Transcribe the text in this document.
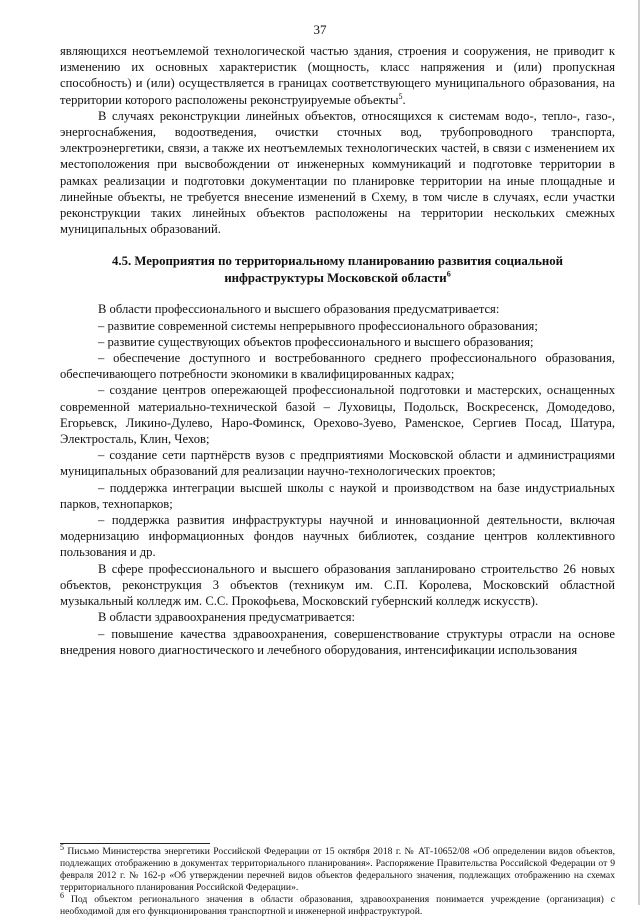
37

являющихся неотъемлемой технологической частью здания, строения и сооружения, не приводит к изменению их основных характеристик (мощность, класс напряжения и (или) пропускная способность) и (или) осуществляется в границах соответствующего муниципального образования, на территории которого расположены реконструируемые объекты$^5$.

В случаях реконструкции линейных объектов, относящихся к системам водо-, тепло-, газо-, энергоснабжения, водоотведения, очистки сточных вод, трубопроводного транспорта, электроэнергетики, связи, а также их неотъемлемых технологических частей, в связи с изменением их местоположения при высвобождении от инженерных коммуникаций и подготовке территории в рамках реализации и подготовки документации по планировке территории на иные площадные и линейные объекты, не требуется внесение изменений в Схему, в том числе в случаях, если участки реконструкции таких линейных объектов расположены на территории нескольких смежных муниципальных образований.

4.5. Мероприятия по территориальному планированию развития социальной инфраструктуры Московской области$^6$

В области профессионального и высшего образования предусматривается:

– развитие современной системы непрерывного профессионального образования;

– развитие существующих объектов профессионального и высшего образования;

– обеспечение доступного и востребованного среднего профессионального образования, обеспечивающего потребности экономики в квалифицированных кадрах;

– создание центров опережающей профессиональной подготовки и мастерских, оснащенных современной материально-технической базой – Луховицы, Подольск, Воскресенск, Домодедово, Егорьевск, Ликино-Дулево, Наро-Фоминск, Орехово-Зуево, Раменское, Сергиев Посад, Шатура, Электросталь, Клин, Чехов;

– создание сети партнёрств вузов с предприятиями Московской области и администрациями муниципальных образований для реализации научно-технологических проектов;

– поддержка интеграции высшей школы с наукой и производством на базе индустриальных парков, технопарков;

– поддержка развития инфраструктуры научной и инновационной деятельности, включая модернизацию информационных фондов научных библиотек, создание центров коллективного пользования и др.

В сфере профессионального и высшего образования запланировано строительство 26 новых объектов, реконструкция 3 объектов (техникум им. С.П. Королева, Московский областной музыкальный колледж им. С.С. Прокофьева, Московский губернский колледж искусств).

В области здравоохранения предусматривается:

– повышение качества здравоохранения, совершенствование структуры отрасли на основе внедрения нового диагностического и лечебного оборудования, интенсификации использования

$^5$ Письмо Министерства энергетики Российской Федерации от 15 октября 2018 г. № АТ-10652/08 «Об определении видов объектов, подлежащих отображению в документах территориального планирования». Распоряжение Правительства Российской Федерации от 9 февраля 2012 г. № 162-р «Об утверждении перечней видов объектов федерального значения, подлежащих отображению на схемах территориального планирования Российской Федерации».

$^6$ Под объектом регионального значения в области образования, здравоохранения понимается учреждение (организация) с необходимой для его функционирования транспортной и инженерной инфраструктурой.
